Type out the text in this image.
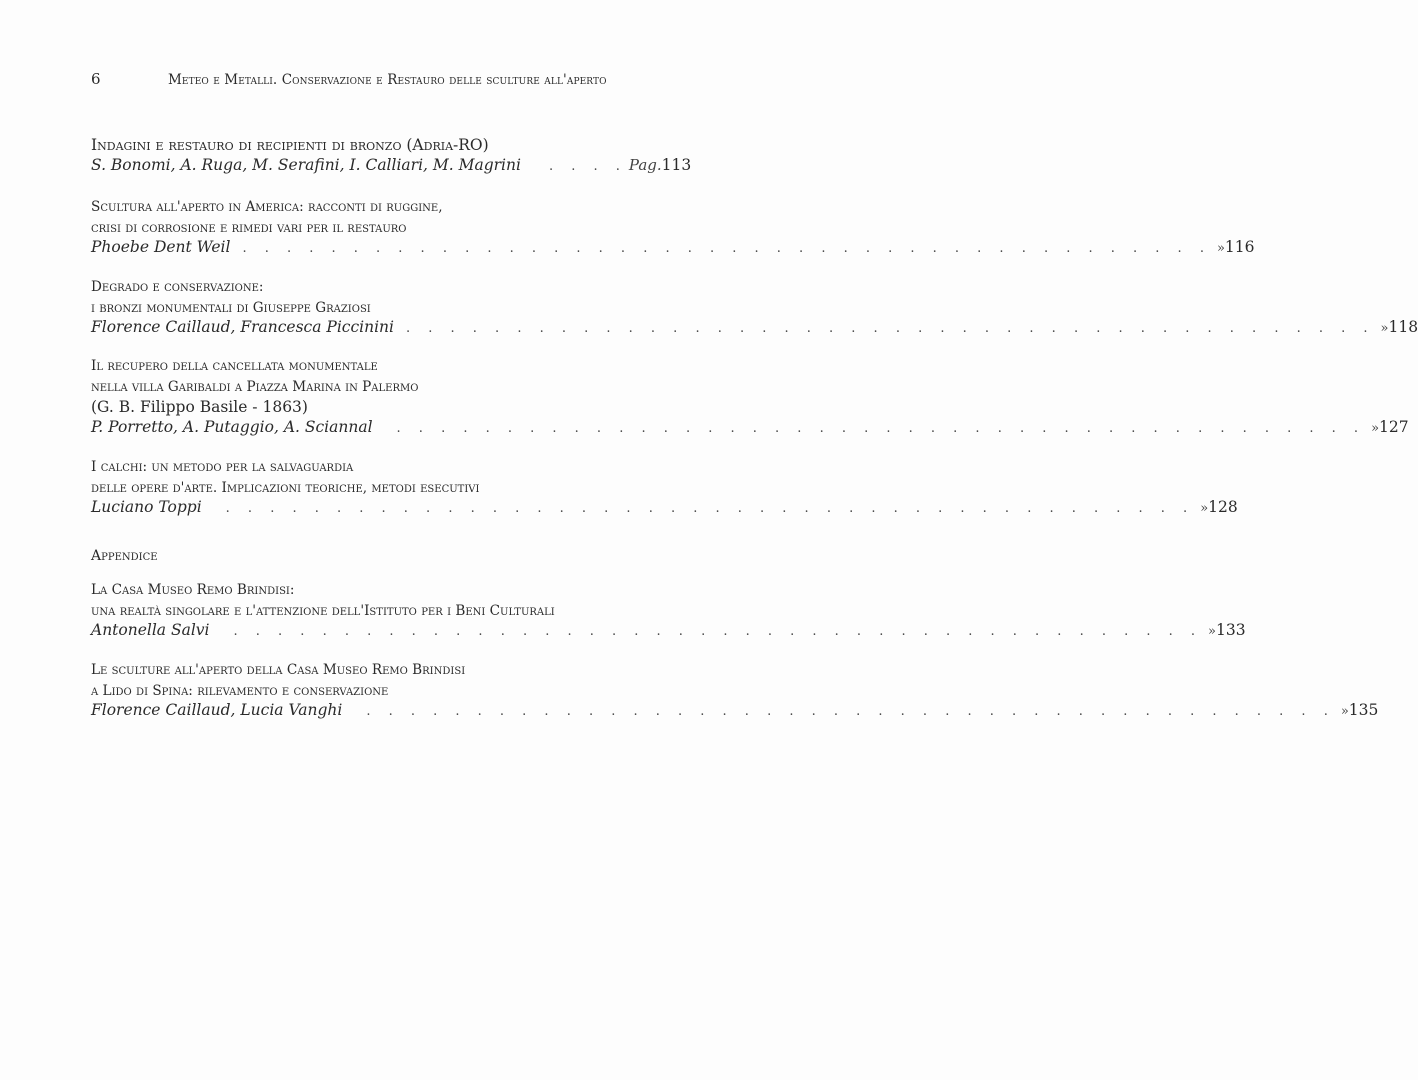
6	Meteo e Metalli. Conservazione e Restauro delle sculture all'aperto
Indagini e restauro di recipienti di bronzo (Adria-RO)
S. Bonomi, A. Ruga, M. Serafini, I. Calliari, M. Magrini . . . . Pag. 113
Scultura all'aperto in America: racconti di ruggine,
crisi di corrosione e rimedi vari per il restauro
Phoebe Dent Weil . . . . . . . . . . . . . . . . . . . . . . . . . . . . . . . . . . . . . . . . . . . . » 116
Degrado e conservazione:
i bronzi monumentali di Giuseppe Graziosi
Florence Caillaud, Francesca Piccinini . . . . . . . . . . . . . . . . . . . . . . . . . . . . . . . . . . . . . . . . . . . . » 118
Il recupero della cancellata monumentale
nella villa Garibaldi a Piazza Marina in Palermo
(G. B. Filippo Basile - 1863)
P. Porretto, A. Putaggio, A. Sciannal . . . . . . . . . . . . . . . . . . . . . . . . . . . . . . . . . . . . . . . . . . . . » 127
I calchi: un metodo per la salvaguardia
delle opere d'arte. Implicazioni teoriche, metodi esecutivi
Luciano Toppi . . . . . . . . . . . . . . . . . . . . . . . . . . . . . . . . . . . . . . . . . . . . » 128
Appendice
La Casa Museo Remo Brindisi:
una realtà singolare e l'attenzione dell'Istituto per i Beni Culturali
Antonella Salvi . . . . . . . . . . . . . . . . . . . . . . . . . . . . . . . . . . . . . . . . . . . . » 133
Le sculture all'aperto della Casa Museo Remo Brindisi
a Lido di Spina: rilevamento e conservazione
Florence Caillaud, Lucia Vanghi . . . . . . . . . . . . . . . . . . . . . . . . . . . . . . . . . . . . . . . . . . . . » 135
